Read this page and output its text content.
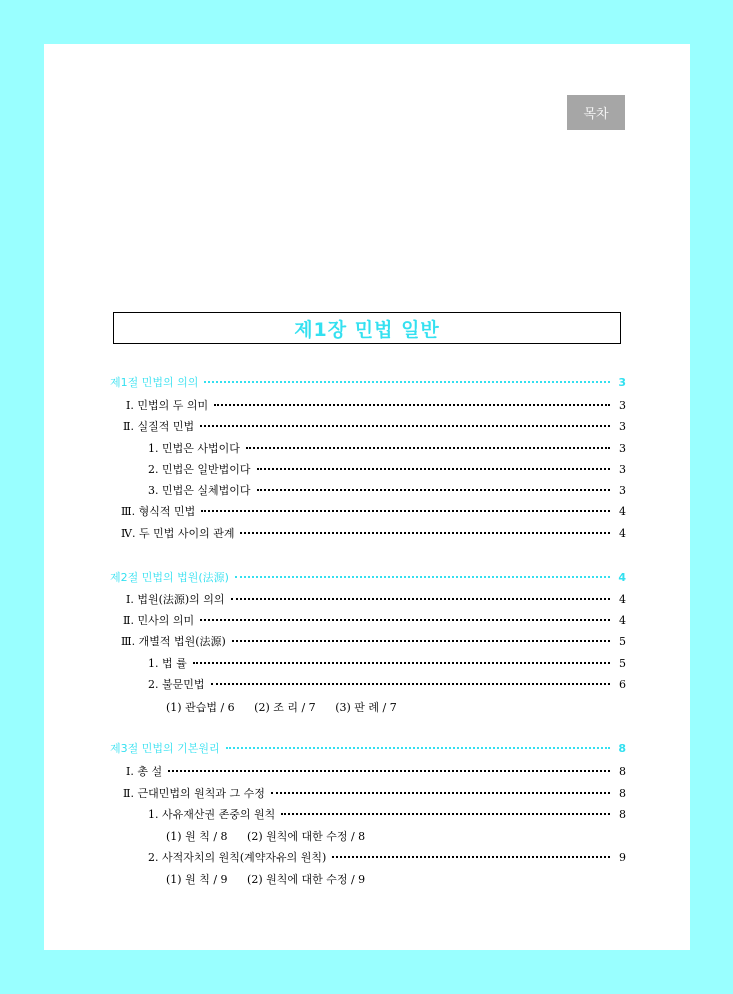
목차
제1장 민법 일반
제1절 민법의 의의	3
Ⅰ. 민법의 두 의미	3
Ⅱ. 실질적 민법	3
1. 민법은 사법이다	3
2. 민법은 일반법이다	3
3. 민법은 실체법이다	3
Ⅲ. 형식적 민법	4
Ⅳ. 두 민법 사이의 관계	4
제2절 민법의 법원(法源)	4
Ⅰ. 법원(法源)의 의의	4
Ⅱ. 민사의 의미	4
Ⅲ. 개별적 법원(法源)	5
1. 법 률	5
2. 불문민법	6
(1) 관습법 / 6 (2) 조 리 / 7 (3) 판 례 / 7
제3절 민법의 기본원리	8
Ⅰ. 총 설	8
Ⅱ. 근대민법의 원칙과 그 수정	8
1. 사유재산권 존중의 원칙	8
(1) 원 칙 / 8 (2) 원칙에 대한 수정 / 8
2. 사적자치의 원칙(계약자유의 원칙)	9
(1) 원 칙 / 9 (2) 원칙에 대한 수정 / 9
